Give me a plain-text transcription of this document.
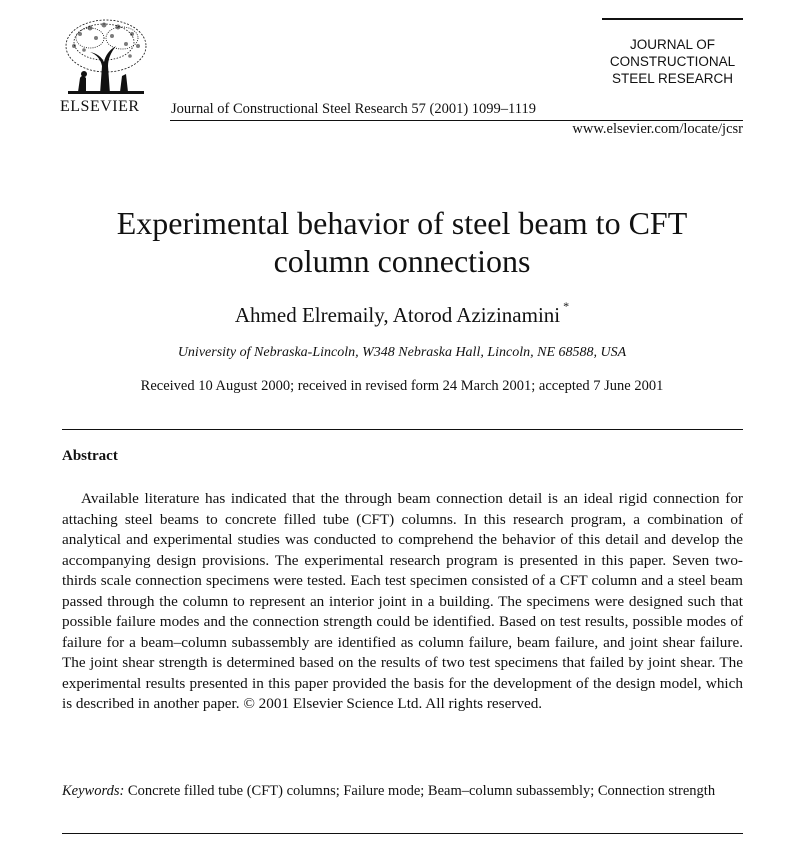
ELSEVIER Journal of Constructional Steel Research 57 (2001) 1099–1119
JOURNAL OF
CONSTRUCTIONAL
STEEL RESEARCH
www.elsevier.com/locate/jcsr
Experimental behavior of steel beam to CFT
column connections
Ahmed Elremaily, Atorod Azizinamini *
University of Nebraska-Lincoln, W348 Nebraska Hall, Lincoln, NE 68588, USA
Received 10 August 2000; received in revised form 24 March 2001; accepted 7 June 2001
Abstract

Available literature has indicated that the through beam connection detail is an ideal rigid connection for attaching steel beams to concrete filled tube (CFT) columns. In this research program, a combination of analytical and experimental studies was conducted to comprehend the behavior of this detail and develop the accompanying design provisions. The experimental research program is presented in this paper. Seven two-thirds scale connection specimens were tested. Each test specimen consisted of a CFT column and a steel beam passed through the column to represent an interior joint in a building. The specimens were designed such that possible failure modes and the connection strength could be identified. Based on test results, possible modes of failure for a beam–column subassembly are identified as column failure, beam failure, and joint shear failure. The joint shear strength is determined based on the results of two test specimens that failed by joint shear. The experimental results presented in this paper provided the basis for the development of the design model, which is described in another paper. © 2001 Elsevier Science Ltd. All rights reserved.

Keywords: Concrete filled tube (CFT) columns; Failure mode; Beam–column subassembly; Connection strength
